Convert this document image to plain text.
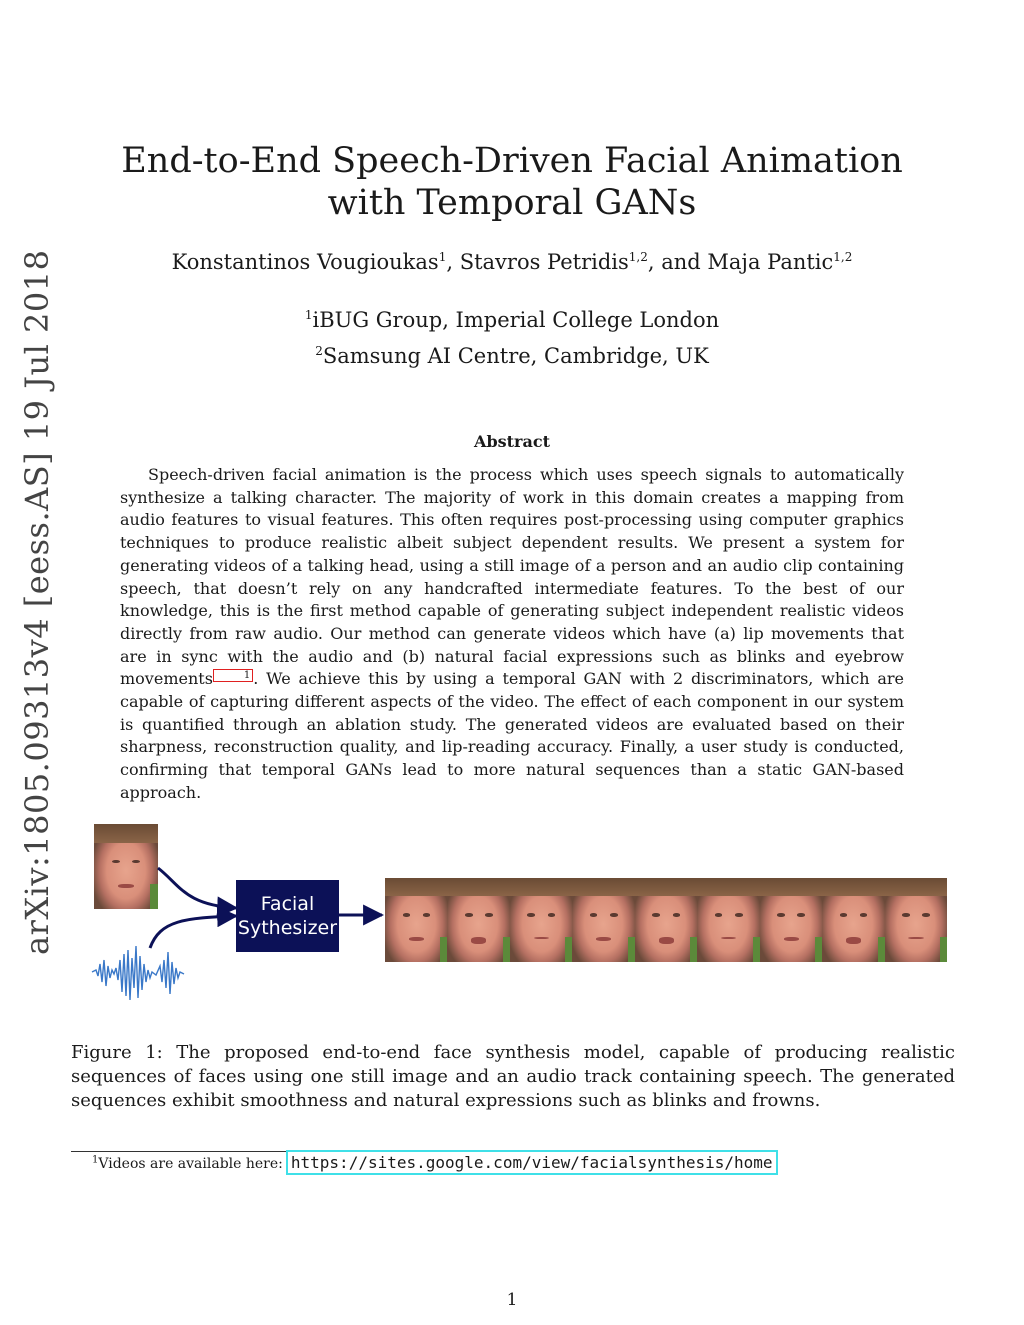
arXiv:1805.09313v4 [eess.AS] 19 Jul 2018
End-to-End Speech-Driven Facial Animation with Temporal GANs
Konstantinos Vougioukas$^1$, Stavros Petridis$^{1,2}$, and Maja Pantic$^{1,2}$
$^1$iBUG Group, Imperial College London
$^2$Samsung AI Centre, Cambridge, UK
Abstract
Speech-driven facial animation is the process which uses speech signals to automatically synthesize a talking character. The majority of work in this domain creates a mapping from audio features to visual features. This often requires post-processing using computer graphics techniques to produce realistic albeit subject dependent results. We present a system for generating videos of a talking head, using a still image of a person and an audio clip containing speech, that doesn’t rely on any handcrafted intermediate features. To the best of our knowledge, this is the first method capable of generating subject independent realistic videos directly from raw audio. Our method can generate videos which have (a) lip movements that are in sync with the audio and (b) natural facial expressions such as blinks and eyebrow movements	1 . We achieve this by using a temporal GAN with 2 discriminators, which are capable of capturing different aspects of the video. The effect of each component in our system is quantified through an ablation study. The generated videos are evaluated based on their sharpness, reconstruction quality, and lip-reading accuracy. Finally, a user study is conducted, confirming that temporal GANs lead to more natural sequences than a static GAN-based approach.
Facial
Sythesizer
Figure 1: The proposed end-to-end face synthesis model, capable of producing realistic sequences of faces using one still image and an audio track containing speech. The generated sequences exhibit smoothness and natural expressions such as blinks and frowns.
$^1$Videos are available here: https://sites.google.com/view/facialsynthesis/home
1
